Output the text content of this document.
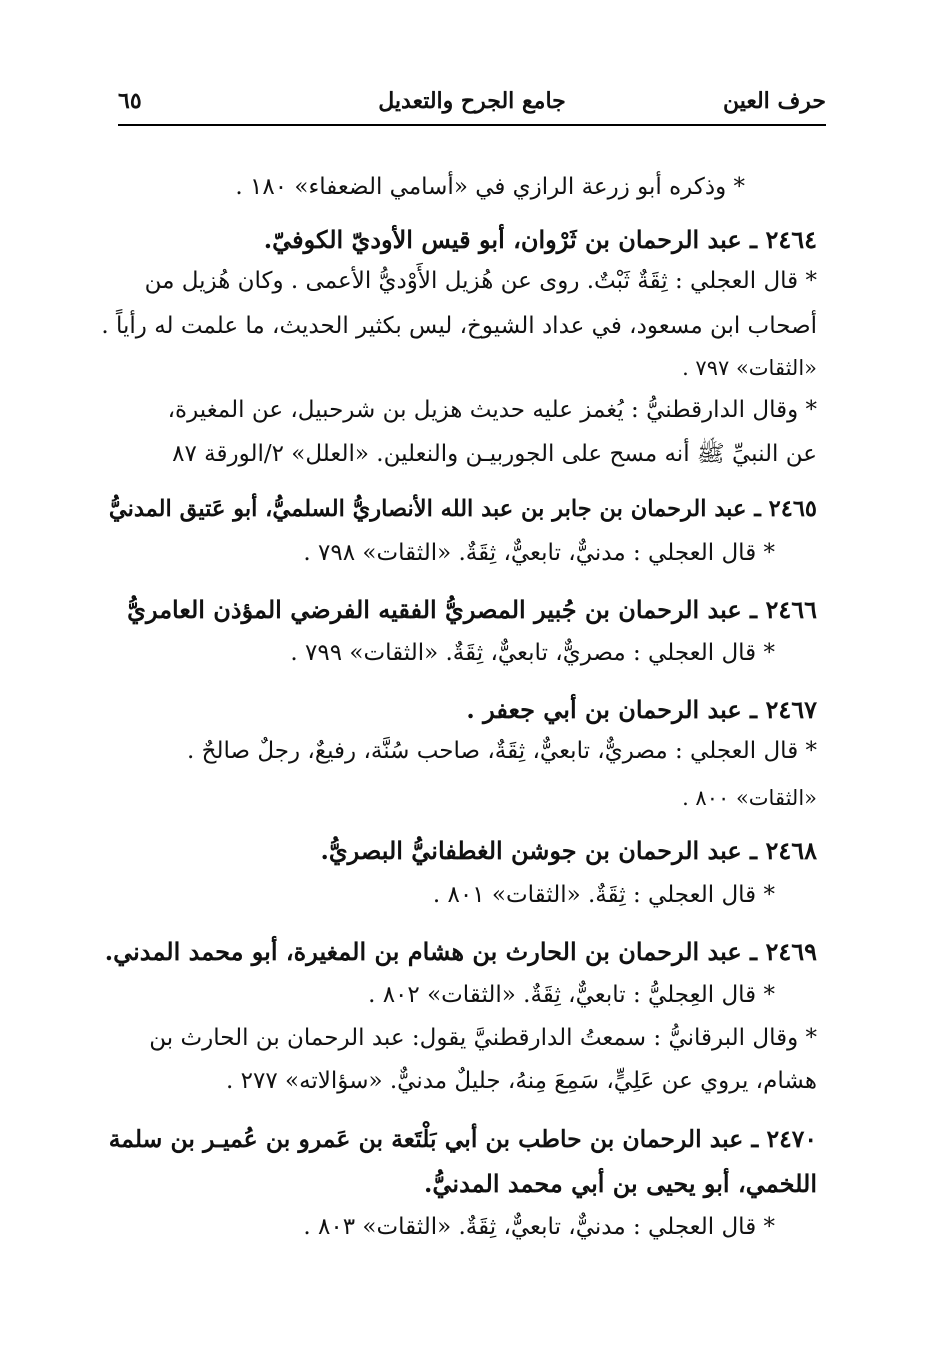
حرف العين
جامع الجرح والتعديل
٦٥
* وذكره أبو زرعة الرازي في «أسامي الضعفاء» ١٨٠ .
٢٤٦٤ ـ عبد الرحمان بن ثَرْوان، أبو قيس الأوديّ الكوفيّ.
* قال العجلي : ثِقَةٌ ثَبْتٌ. روى عن هُزيل الأَوْديُّ الأعمى . وكان هُزيل من
أصحاب ابن مسعود، في عداد الشيوخ، ليس بكثير الحديث، ما علمت له رأياً .
«الثقات» ٧٩٧ .
* وقال الدارقطنيُّ : يُغمز عليه حديث هزيل بن شرحبيل، عن المغيرة،
عن النبيِّ ﷺ أنه مسح على الجوربيـن والنعلين. «العلل» ٢/الورقة ٨٧
٢٤٦٥ ـ عبد الرحمان بن جابر بن عبد الله الأنصاريُّ السلميُّ، أبو عَتيق المدنيُّ
* قال العجلي : مدنيٌّ، تابعيٌّ، ثِقَةٌ. «الثقات» ٧٩٨ .
٢٤٦٦ ـ عبد الرحمان بن جُبير المصريُّ الفقيه الفرضي المؤذن العامريُّ
* قال العجلي : مصريٌّ، تابعيٌّ، ثِقَةٌ. «الثقات» ٧٩٩ .
٢٤٦٧ ـ عبد الرحمان بن أبي جعفر .
* قال العجلي : مصريٌّ، تابعيٌّ، ثِقَةٌ، صاحب سُنَّة، رفيعٌ، رجلٌ صالحٌ .
«الثقات» ٨٠٠ .
٢٤٦٨ ـ عبد الرحمان بن جوشن الغطفانيُّ البصريُّ.
* قال العجلي : ثِقَةٌ. «الثقات» ٨٠١ .
٢٤٦٩ ـ عبد الرحمان بن الحارث بن هشام بن المغيرة، أبو محمد المدني.
* قال العِجليُّ : تابعيٌّ، ثِقَةٌ. «الثقات» ٨٠٢ .
* وقال البرقانيُّ : سمعتُ الدارقطنيَّ يقول: عبد الرحمان بن الحارث بن
هشام، يروي عن عَلِيٍّ، سَمِعَ مِنهُ، جليلٌ مدنيٌّ. «سؤالاته» ٢٧٧ .
٢٤٧٠ ـ عبد الرحمان بن حاطب بن أبي بَلْتَعة بن عَمرو بن عُميـر بن سلمة
اللخمي، أبو يحيى بن أبي محمد المدنيُّ.
* قال العجلي : مدنيٌّ، تابعيٌّ، ثِقَةٌ. «الثقات» ٨٠٣ .
